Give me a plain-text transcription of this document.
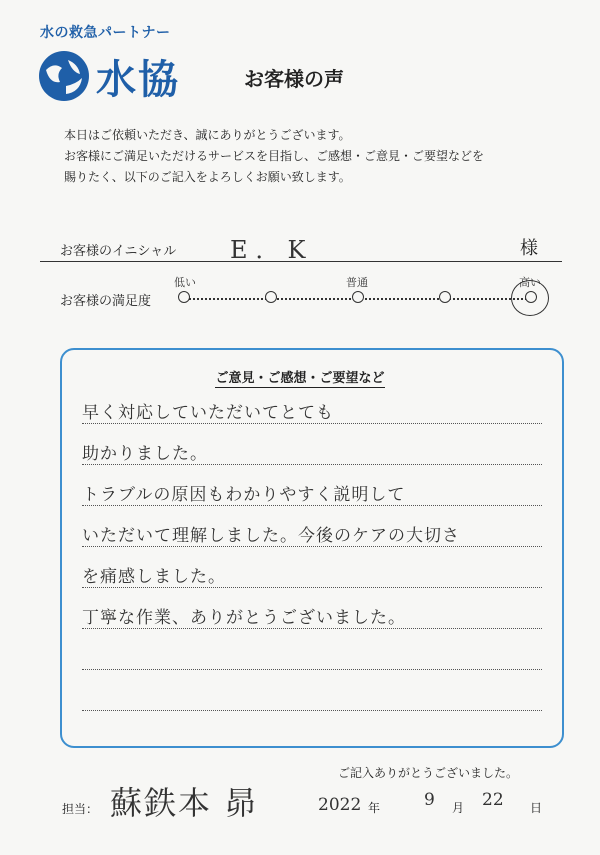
水の救急パートナー
水協	お客様の声
本日はご依頼いただき、誠にありがとうございます。
お客様にご満足いただけるサービスを目指し、ご感想・ご意見・ご要望などを
賜りたく、以下のご記入をよろしくお願い致します。
お客様のイニシャル E．K	様
お客様の満足度
低い	普通	高い
ご意見・ご感想・ご要望など
早く対応していただいてとても
助かりました。
トラブルの原因もわかりやすく説明して
いただいて理解しました。今後のケアの大切さ
を痛感しました。
丁寧な作業、ありがとうございました。
ご記入ありがとうございました。
担当： 蘇鉄本 昴	2022 年	9 月 22 日
